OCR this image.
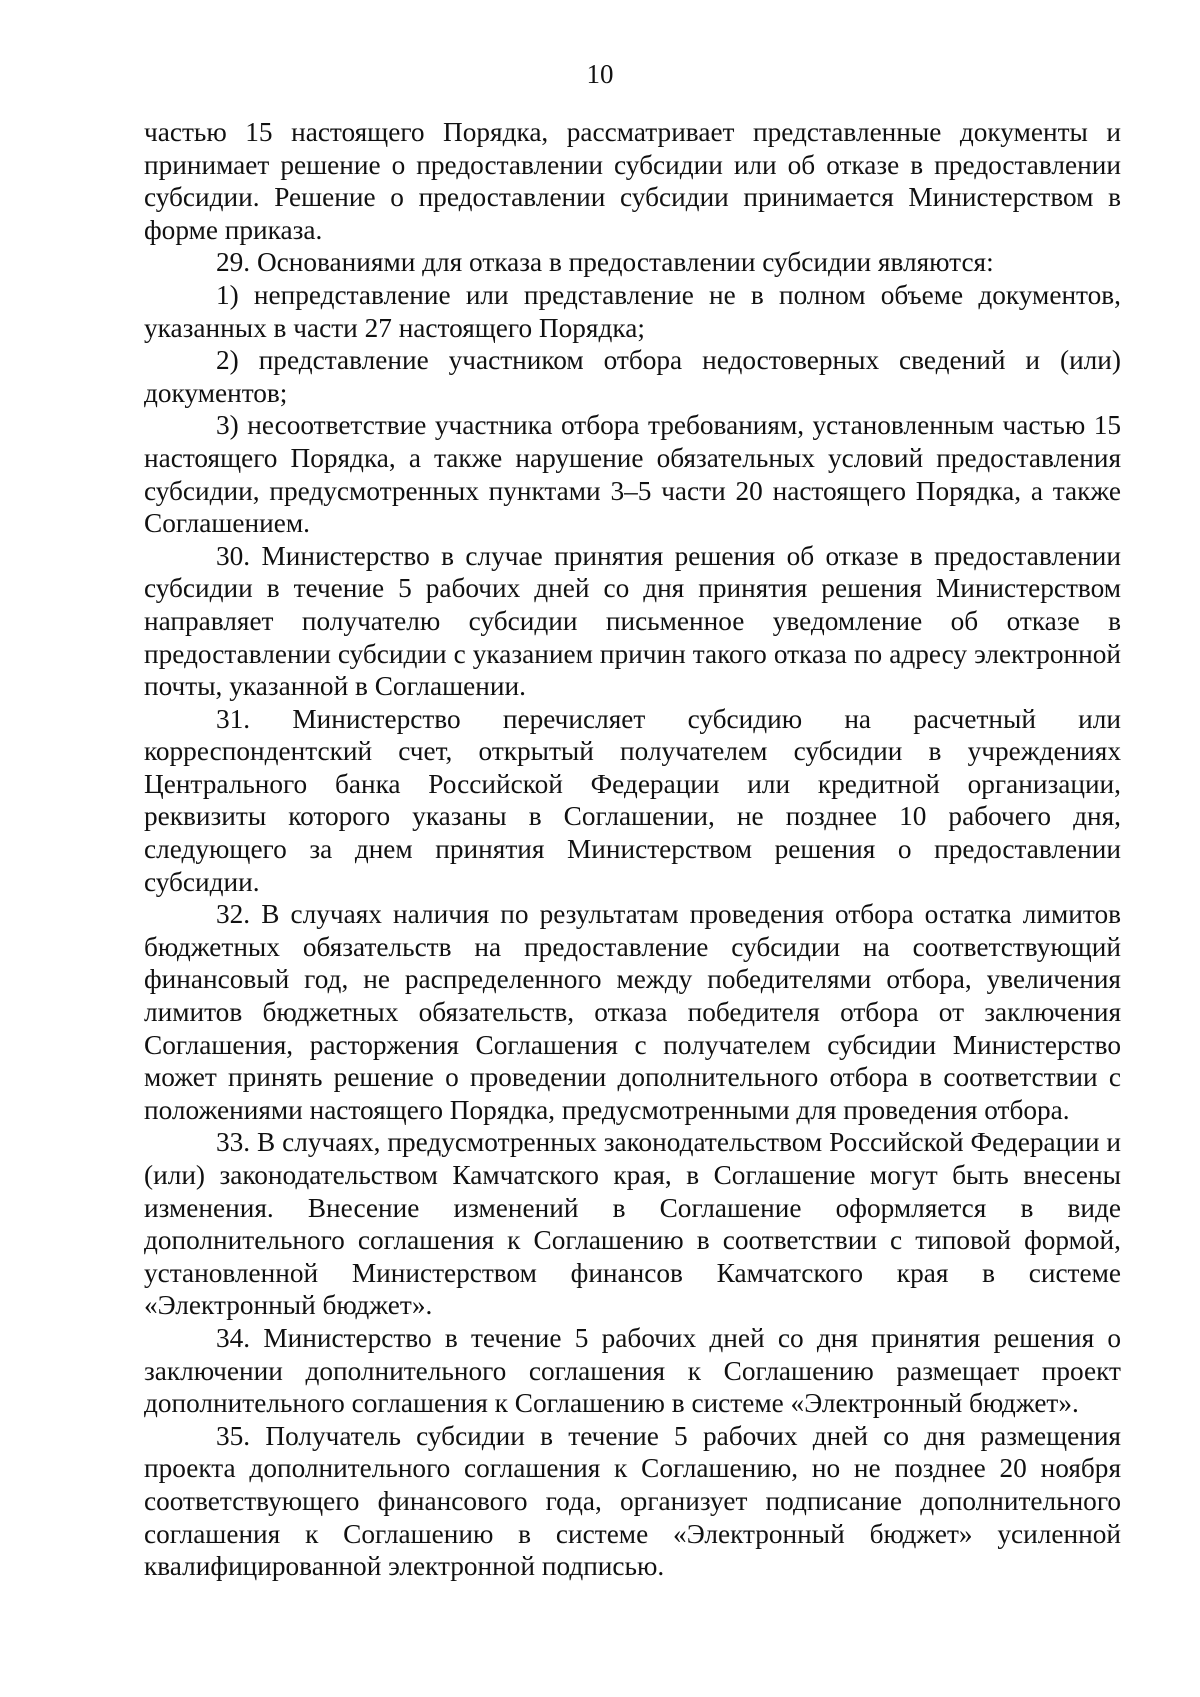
10

частью 15 настоящего Порядка, рассматривает представленные документы и принимает решение о предоставлении субсидии или об отказе в предоставлении субсидии. Решение о предоставлении субсидии принимается Министерством в форме приказа.

29. Основаниями для отказа в предоставлении субсидии являются:

1) непредставление или представление не в полном объеме документов, указанных в части 27 настоящего Порядка;

2) представление участником отбора недостоверных сведений и (или) документов;

3) несоответствие участника отбора требованиям, установленным частью 15 настоящего Порядка, а также нарушение обязательных условий предоставления субсидии, предусмотренных пунктами 3–5 части 20 настоящего Порядка, а также Соглашением.

30. Министерство в случае принятия решения об отказе в предоставлении субсидии в течение 5 рабочих дней со дня принятия решения Министерством направляет получателю субсидии письменное уведомление об отказе в предоставлении субсидии с указанием причин такого отказа по адресу электронной почты, указанной в Соглашении.

31. Министерство перечисляет субсидию на расчетный или корреспондентский счет, открытый получателем субсидии в учреждениях Центрального банка Российской Федерации или кредитной организации, реквизиты которого указаны в Соглашении, не позднее 10 рабочего дня, следующего за днем принятия Министерством решения о предоставлении субсидии.

32. В случаях наличия по результатам проведения отбора остатка лимитов бюджетных обязательств на предоставление субсидии на соответствующий финансовый год, не распределенного между победителями отбора, увеличения лимитов бюджетных обязательств, отказа победителя отбора от заключения Соглашения, расторжения Соглашения с получателем субсидии Министерство может принять решение о проведении дополнительного отбора в соответствии с положениями настоящего Порядка, предусмотренными для проведения отбора.

33. В случаях, предусмотренных законодательством Российской Федерации и (или) законодательством Камчатского края, в Соглашение могут быть внесены изменения. Внесение изменений в Соглашение оформляется в виде дополнительного соглашения к Соглашению в соответствии с типовой формой, установленной Министерством финансов Камчатского края в системе «Электронный бюджет».

34. Министерство в течение 5 рабочих дней со дня принятия решения о заключении дополнительного соглашения к Соглашению размещает проект дополнительного соглашения к Соглашению в системе «Электронный бюджет».

35. Получатель субсидии в течение 5 рабочих дней со дня размещения проекта дополнительного соглашения к Соглашению, но не позднее 20 ноября соответствующего финансового года, организует подписание дополнительного соглашения к Соглашению в системе «Электронный бюджет» усиленной квалифицированной электронной подписью.
